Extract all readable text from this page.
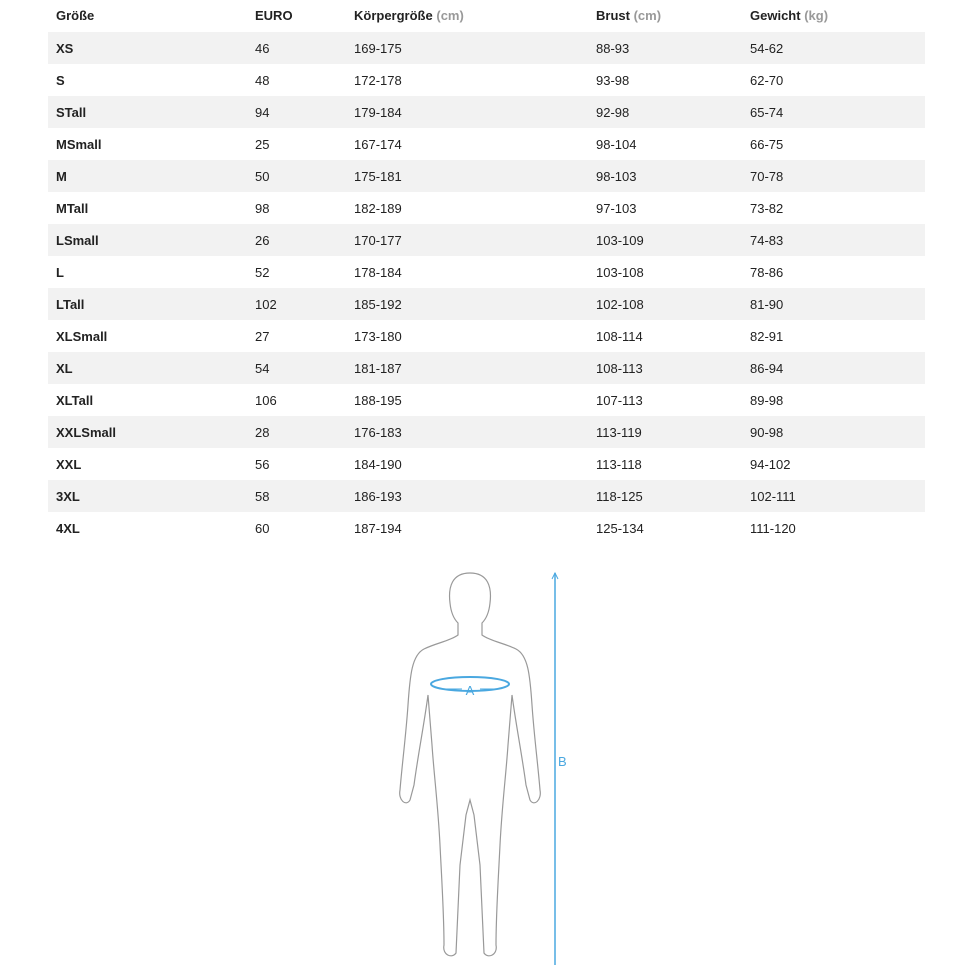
Größe	EURO	Körpergröße (cm)	Brust (cm)	Gewicht (kg)
XS	46	169-175	88-93	54-62
S	48	172-178	93-98	62-70
STall	94	179-184	92-98	65-74
MSmall	25	167-174	98-104	66-75
M	50	175-181	98-103	70-78
MTall	98	182-189	97-103	73-82
LSmall	26	170-177	103-109	74-83
L	52	178-184	103-108	78-86
LTall	102	185-192	102-108	81-90
XLSmall	27	173-180	108-114	82-91
XL	54	181-187	108-113	86-94
XLTall	106	188-195	107-113	89-98
XXLSmall	28	176-183	113-119	90-98
XXL	56	184-190	113-118	94-102
3XL	58	186-193	118-125	102-111
4XL	60	187-194	125-134	111-120
A
B
